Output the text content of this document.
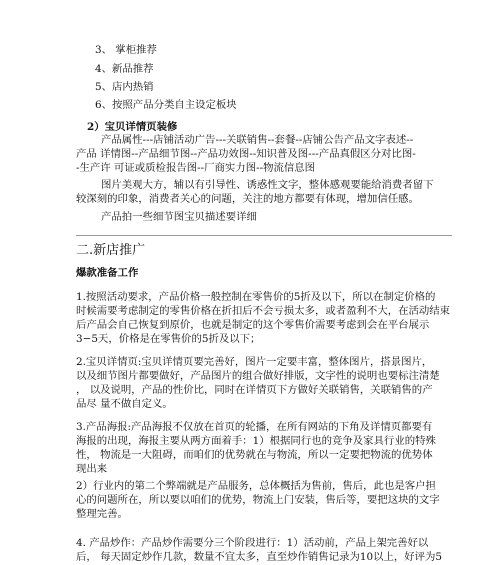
3、 掌柜推荐

4、新品推荐

5、店内热销

6、按照产品分类自主设定板块

2）宝贝详情页装修

产品属性---店铺活动广告---关联销售--套餐--店铺公告产品文字表述--

产品 详情图--产品细节图--产品功效图--知识普及图---产品真假区分对比图-

-生产许 可证或质检报告图--厂商实力图--物流信息图

图片美观大方，辅以有引导性、诱惑性文字，整体感观要能给消费者留下

较深刻的印象，消费者关心的问题，关注的地方都要有体现，增加信任感。

产品拍一些细节图宝贝描述要详细

二.新店推广

爆款准备工作

1.按照活动要求，产品价格一般控制在零售价的5折及以下，所以在制定价格的

时候需要考虑制定的零售价格在折扣后不会亏损太多，或者盈利不大，在活动结束

后产品会自己恢复到原价，也就是制定的这个零售价需要考虑到会在平台展示

3−5天，价格是在零售价的5折及以下；

2.宝贝详情页:宝贝详情页要完善好，图片一定要丰富，整体图片，搭景图片，

以及细节图片都要做好，产品图片的组合做好排版，文字性的说明也要标注清楚

， 以及说明，产品的性价比，同时在详情页下方做好关联销售，关联销售的产

品尽 量不做自定义。

3.产品海报:产品海报不仅放在首页的轮播，在所有网站的下角及详情页都要有

海报的出现，海报主要从两方面着手：1）根据同行也的竞争及家具行业的特殊

性， 物流是一大阻碍，而咱们的优势就在与物流，所以一定要把物流的优势体

现出来

2）行业内的第二个弊端就是产品服务，总体概括为售前，售后，此也是客户担

心的问题所在，所以要以咱们的优势，物流上门安装，售后等，要把这块的文字

整理完善。

4. 产品炒作：产品炒作需要分三个阶段进行：1）活动前，产品上架完善好以

后， 每天固定炒作几款，数量不宜太多，直至炒作销售记录为10以上，好评为5
